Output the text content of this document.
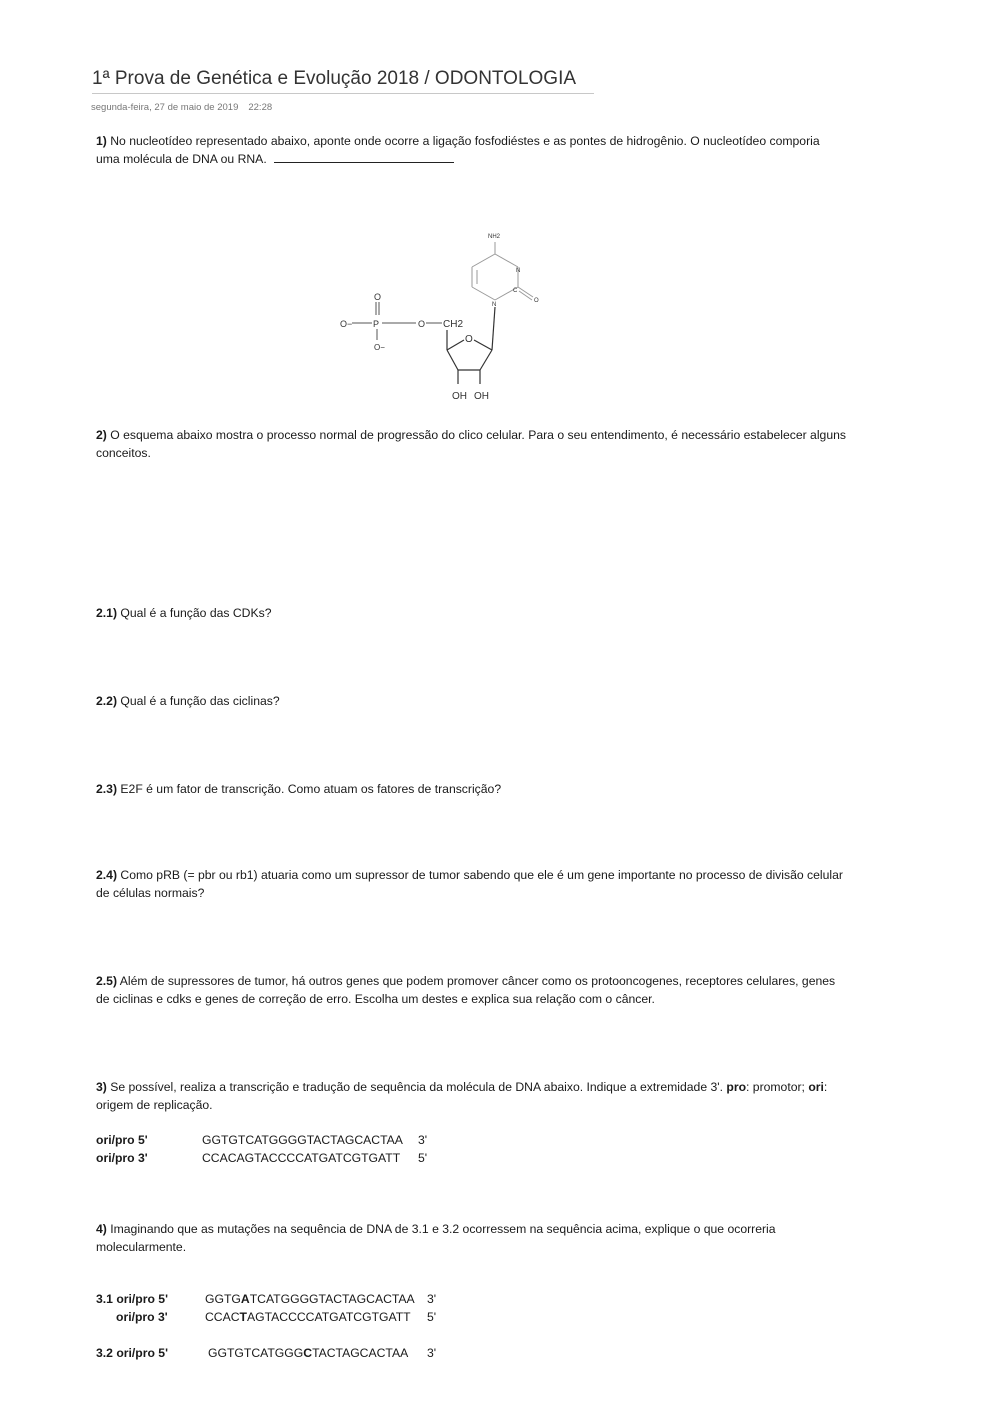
1ª Prova de Genética e Evolução 2018 / ODONTOLOGIA
segunda-feira, 27 de maio de 2019 22:28
1) No nucleotídeo representado abaixo, aponte onde ocorre a ligação fosfodiéstes e as pontes de hidrogênio. O nucleotídeo comporia uma molécula de DNA ou RNA.
NH2
N
N
C
O
O− P
O
O−
O CH2
O
OH OH
2) O esquema abaixo mostra o processo normal de progressão do clico celular. Para o seu entendimento, é necessário estabelecer alguns conceitos.
2.1) Qual é a função das CDKs?
2.2) Qual é a função das ciclinas?
2.3) E2F é um fator de transcrição. Como atuam os fatores de transcrição?
2.4) Como pRB (= pbr ou rb1) atuaria como um supressor de tumor sabendo que ele é um gene importante no processo de divisão celular de células normais?
2.5) Além de supressores de tumor, há outros genes que podem promover câncer como os protooncogenes, receptores celulares, genes de ciclinas e cdks e genes de correção de erro. Escolha um destes e explica sua relação com o câncer.
3) Se possível, realiza a transcrição e tradução de sequência da molécula de DNA abaixo. Indique a extremidade 3'. pro: promotor; ori: origem de replicação.
ori/pro 5'	GGTGTCATGGGGTACTAGCACTAA 3'
ori/pro 3'	CCACAGTACCCCATGATCGTGATT 5'
4) Imaginando que as mutações na sequência de DNA de 3.1 e 3.2 ocorressem na sequência acima, explique o que ocorreria molecularmente.
3.1 ori/pro 5'	GGTGATCATGGGGTACTAGCACTAA 3'
ori/pro 3'	CCACTAGTACCCCATGATCGTGATT 5'
3.2 ori/pro 5'	GGTGTCATGGGCTACTAGCACTAA 3'
